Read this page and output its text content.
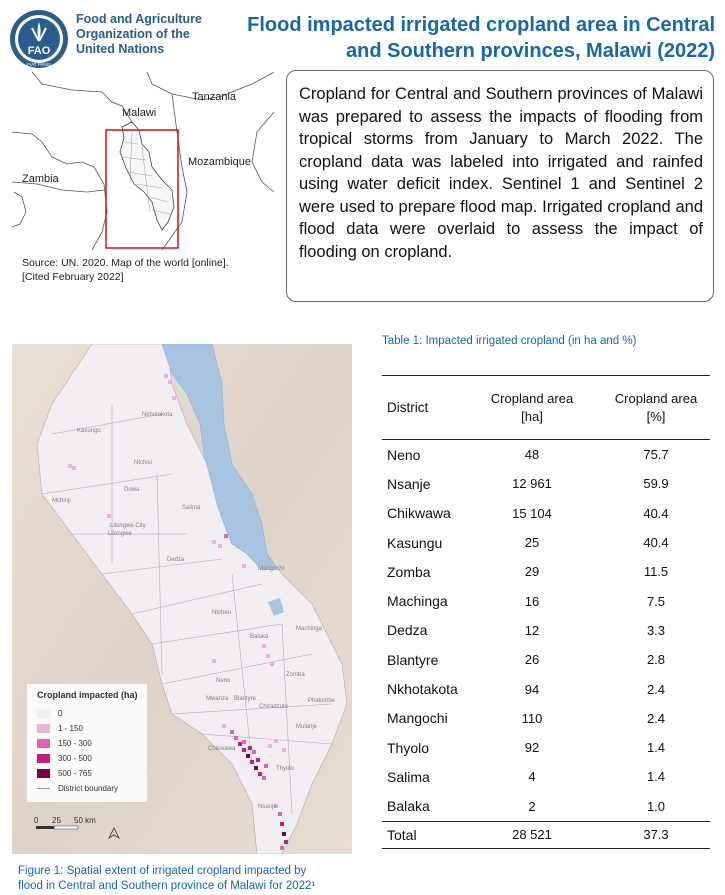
FAO
FIAT PANIS
Food and Agriculture
Organization of the
United Nations
Flood impacted irrigated cropland area in Central
and Southern provinces, Malawi (2022)
Malawi
Tanzania
Mozambique
Zambia
Source: UN. 2020. Map of the world [online].
[Cited February 2022]

Cropland for Central and Southern provinces of Malawi was prepared to assess the impacts of flooding from tropical storms from January to March 2022. The cropland data was labeled into irrigated and rainfed using water deficit index. Sentinel 1 and Sentinel 2 were used to prepare flood map. Irrigated cropland and flood data were overlaid to assess the impact of flooding on cropland.

Nkhotakota
Kasungu
Ntchisi
Dowa
Mchinji
Salima
Lilongwe City
Lilongwe
Dedza
Mangochi
Ntcheu
Balaka
Machinga
Zomba
Neno
Mwanza Blantyre
Chiradzulu
Phalombe
Mulanje
Chikwawa
Thyolo
Nsanje
Cropland impacted (ha)
0
1 - 150
150 - 300
300 - 500
500 - 765
District boundary
0 25 50 km
Figure 1: Spatial extent of irrigated cropland impacted by
flood in Central and Southern province of Malawi for 2022¹
Table 1: Impacted irrigated cropland (in ha and %)
District
Cropland area
[ha]
Cropland area
[%]
Neno	48	75.7
Nsanje	12 961	59.9
Chikwawa	15 104	40.4
Kasungu	25	40.4
Zomba	29	11.5
Machinga	16	7.5
Dedza	12	3.3
Blantyre	26	2.8
Nkhotakota	94	2.4
Mangochi	110	2.4
Thyolo	92	1.4
Salima	4	1.4
Balaka	2	1.0
Total	28 521	37.3
